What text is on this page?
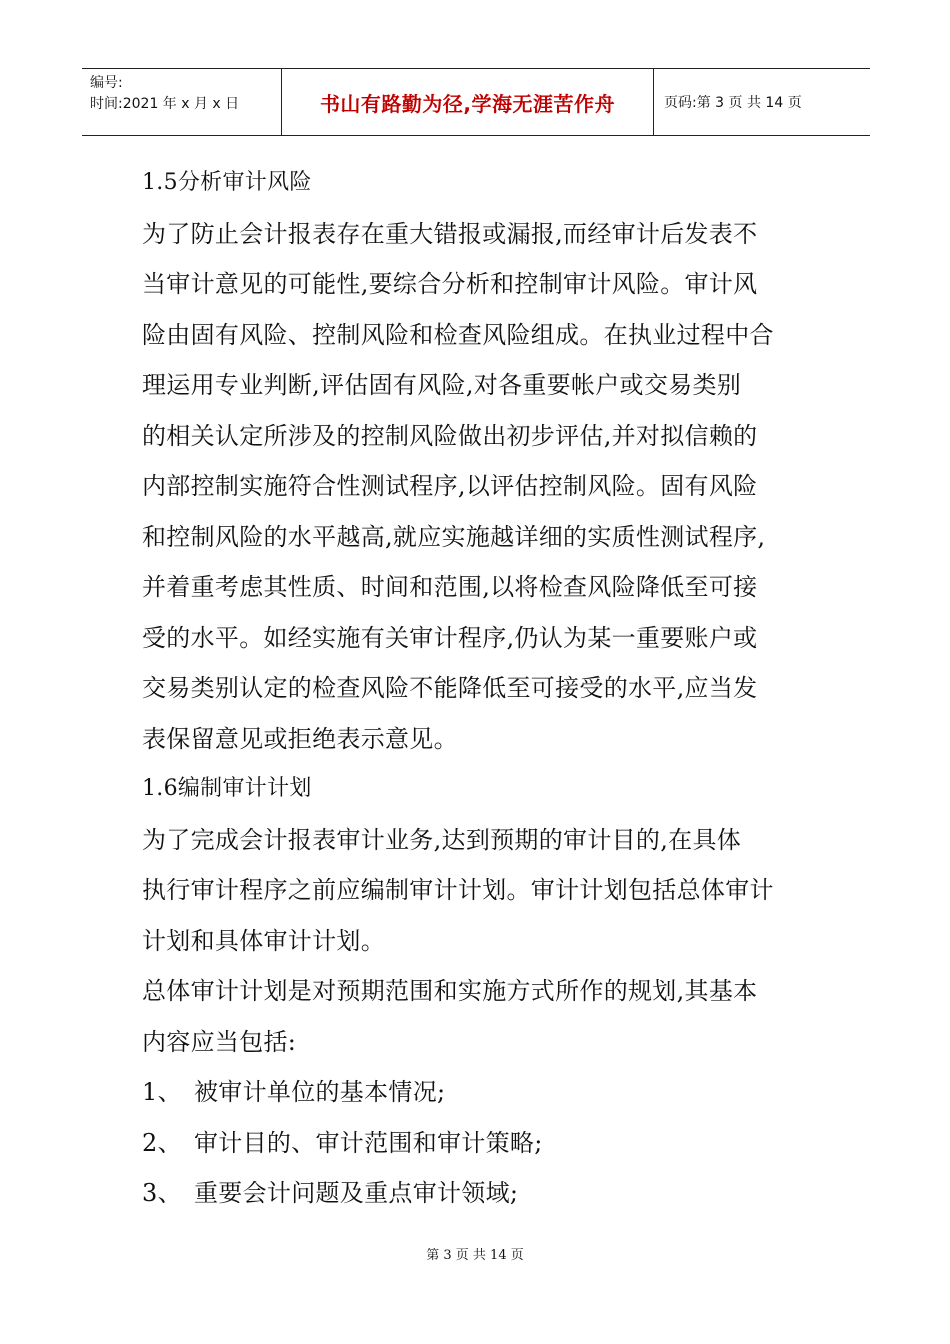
编号:
时间:2021 年 x 月 x 日	书山有路勤为径,学海无涯苦作舟	页码:第 3 页 共 14 页
1.5分析审计风险
为了防止会计报表存在重大错报或漏报,而经审计后发表不
当审计意见的可能性,要综合分析和控制审计风险。审计风
险由固有风险、控制风险和检查风险组成。在执业过程中合
理运用专业判断,评估固有风险,对各重要帐户或交易类别
的相关认定所涉及的控制风险做出初步评估,并对拟信赖的
内部控制实施符合性测试程序,以评估控制风险。固有风险
和控制风险的水平越高,就应实施越详细的实质性测试程序,
并着重考虑其性质、时间和范围,以将检查风险降低至可接
受的水平。如经实施有关审计程序,仍认为某一重要账户或
交易类别认定的检查风险不能降低至可接受的水平,应当发
表保留意见或拒绝表示意见。
1.6编制审计计划
为了完成会计报表审计业务,达到预期的审计目的,在具体
执行审计程序之前应编制审计计划。审计计划包括总体审计
计划和具体审计计划。
总体审计计划是对预期范围和实施方式所作的规划,其基本
内容应当包括:
1、 被审计单位的基本情况;
2、 审计目的、审计范围和审计策略;
3、 重要会计问题及重点审计领域;
第 3 页 共 14 页
